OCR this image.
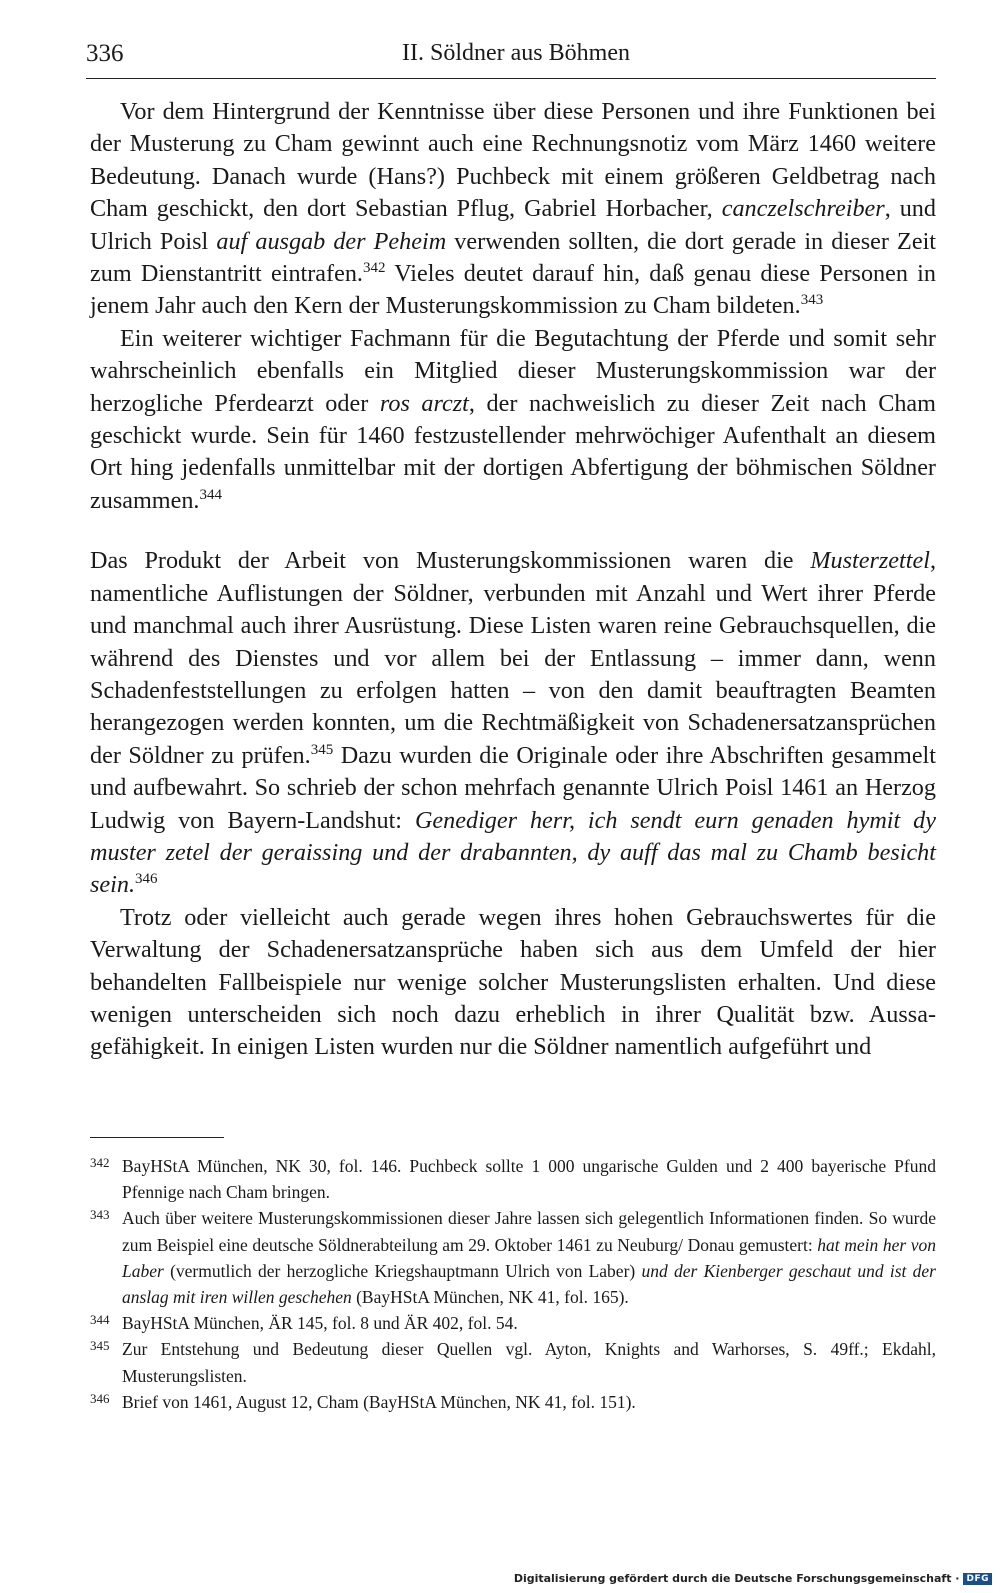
336	II. Söldner aus Böhmen

Vor dem Hintergrund der Kenntnisse über diese Personen und ihre Funktionen bei der Musterung zu Cham gewinnt auch eine Rechnungsnotiz vom März 1460 weitere Bedeutung. Danach wurde (Hans?) Puchbeck mit einem größeren Geldbetrag nach Cham geschickt, den dort Sebastian Pflug, Gabriel Horbacher, canczelschreiber, und Ulrich Poisl auf ausgab der Peheim verwenden sollten, die dort gerade in dieser Zeit zum Dienstantritt eintrafen.$^{342}$ Vieles deutet darauf hin, daß genau diese Personen in jenem Jahr auch den Kern der Musterungskommission zu Cham bildeten.$^{343}$

Ein weiterer wichtiger Fachmann für die Begutachtung der Pferde und somit sehr wahrscheinlich ebenfalls ein Mitglied dieser Musterungskommission war der herzogliche Pferdearzt oder ros arczt, der nachweislich zu dieser Zeit nach Cham geschickt wurde. Sein für 1460 festzustellender mehrwöchiger Aufenthalt an diesem Ort hing jedenfalls unmittelbar mit der dortigen Abfertigung der böhmischen Söldner zusammen.$^{344}$

Das Produkt der Arbeit von Musterungskommissionen waren die Musterzettel, namentliche Auflistungen der Söldner, verbunden mit Anzahl und Wert ihrer Pferde und manchmal auch ihrer Ausrüstung. Diese Listen waren reine Gebrauchsquellen, die während des Dienstes und vor allem bei der Entlassung – immer dann, wenn Schadenfeststellungen zu erfolgen hatten – von den damit beauftragten Beamten herangezogen werden konnten, um die Rechtmäßigkeit von Schadenersatzansprüchen der Söldner zu prüfen.$^{345}$ Dazu wurden die Originale oder ihre Abschriften gesammelt und aufbewahrt. So schrieb der schon mehrfach genannte Ulrich Poisl 1461 an Herzog Ludwig von Bayern-Landshut: Genediger herr, ich sendt eurn genaden hymit dy muster zetel der geraissing und der drabannten, dy auff das mal zu Chamb besicht sein.$^{346}$

Trotz oder vielleicht auch gerade wegen ihres hohen Gebrauchswertes für die Verwaltung der Schadenersatzansprüche haben sich aus dem Umfeld der hier behandelten Fallbeispiele nur wenige solcher Musterungslisten erhalten. Und diese wenigen unterscheiden sich noch dazu erheblich in ihrer Qualität bzw. Aussagefähigkeit. In einigen Listen wurden nur die Söldner namentlich aufgeführt und

342 BayHStA München, NK 30, fol. 146. Puchbeck sollte 1 000 ungarische Gulden und 2 400 bayerische Pfund Pfennige nach Cham bringen.
343 Auch über weitere Musterungskommissionen dieser Jahre lassen sich gelegentlich Informationen finden. So wurde zum Beispiel eine deutsche Söldnerabteilung am 29. Oktober 1461 zu Neuburg/ Donau gemustert: hat mein her von Laber (vermutlich der herzogliche Kriegshauptmann Ulrich von Laber) und der Kienberger geschaut und ist der anslag mit iren willen geschehen (BayHStA München, NK 41, fol. 165).
344 BayHStA München, ÄR 145, fol. 8 und ÄR 402, fol. 54.
345 Zur Entstehung und Bedeutung dieser Quellen vgl. Ayton, Knights and Warhorses, S. 49ff.; Ekdahl, Musterungslisten.
346 Brief von 1461, August 12, Cham (BayHStA München, NK 41, fol. 151).
Digitalisierung gefördert durch die Deutsche Forschungsgemeinschaft · DFG
